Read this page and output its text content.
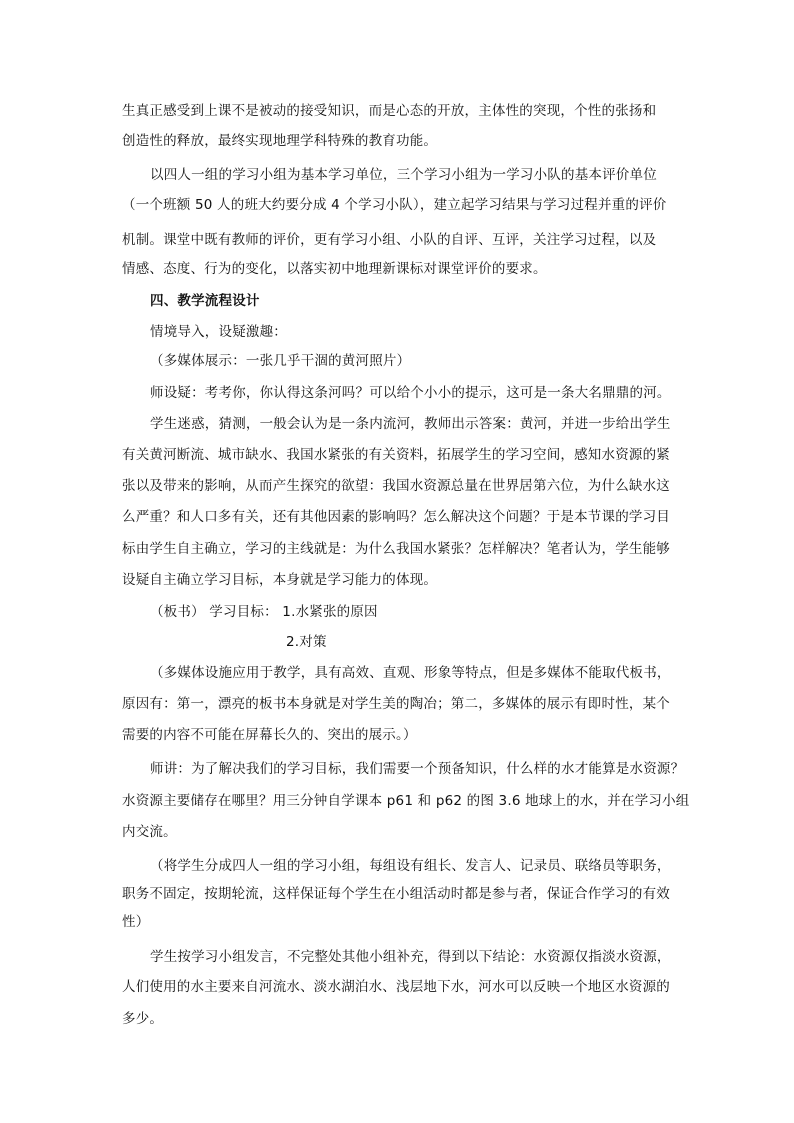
生真正感受到上课不是被动的接受知识，而是心态的开放，主体性的突现，个性的张扬和
创造性的释放，最终实现地理学科特殊的教育功能。
以四人一组的学习小组为基本学习单位，三个学习小组为一学习小队的基本评价单位
（一个班额 50 人的班大约要分成 4 个学习小队），建立起学习结果与学习过程并重的评价
机制。课堂中既有教师的评价，更有学习小组、小队的自评、互评，关注学习过程，以及
情感、态度、行为的变化，以落实初中地理新课标对课堂评价的要求。
四、教学流程设计
情境导入，设疑激趣：
（多媒体展示：一张几乎干涸的黄河照片）
师设疑：考考你，你认得这条河吗？可以给个小小的提示，这可是一条大名鼎鼎的河。
学生迷惑，猜测，一般会认为是一条内流河，教师出示答案：黄河，并进一步给出学生
有关黄河断流、城市缺水、我国水紧张的有关资料，拓展学生的学习空间，感知水资源的紧
张以及带来的影响，从而产生探究的欲望：我国水资源总量在世界居第六位，为什么缺水这
么严重？和人口多有关，还有其他因素的影响吗？怎么解决这个问题？于是本节课的学习目
标由学生自主确立，学习的主线就是：为什么我国水紧张？怎样解决？笔者认为，学生能够
设疑自主确立学习目标，本身就是学习能力的体现。
（板书） 学习目标： 1.水紧张的原因
2.对策
（多媒体设施应用于教学，具有高效、直观、形象等特点，但是多媒体不能取代板书，
原因有：第一，漂亮的板书本身就是对学生美的陶冶；第二，多媒体的展示有即时性，某个
需要的内容不可能在屏幕长久的、突出的展示。）
师讲：为了解决我们的学习目标，我们需要一个预备知识，什么样的水才能算是水资源？
水资源主要储存在哪里？用三分钟自学课本 p61 和 p62 的图 3.6 地球上的水，并在学习小组
内交流。
（将学生分成四人一组的学习小组，每组设有组长、发言人、记录员、联络员等职务，
职务不固定，按期轮流，这样保证每个学生在小组活动时都是参与者，保证合作学习的有效
性）
学生按学习小组发言，不完整处其他小组补充，得到以下结论：水资源仅指淡水资源，
人们使用的水主要来自河流水、淡水湖泊水、浅层地下水，河水可以反映一个地区水资源的
多少。
